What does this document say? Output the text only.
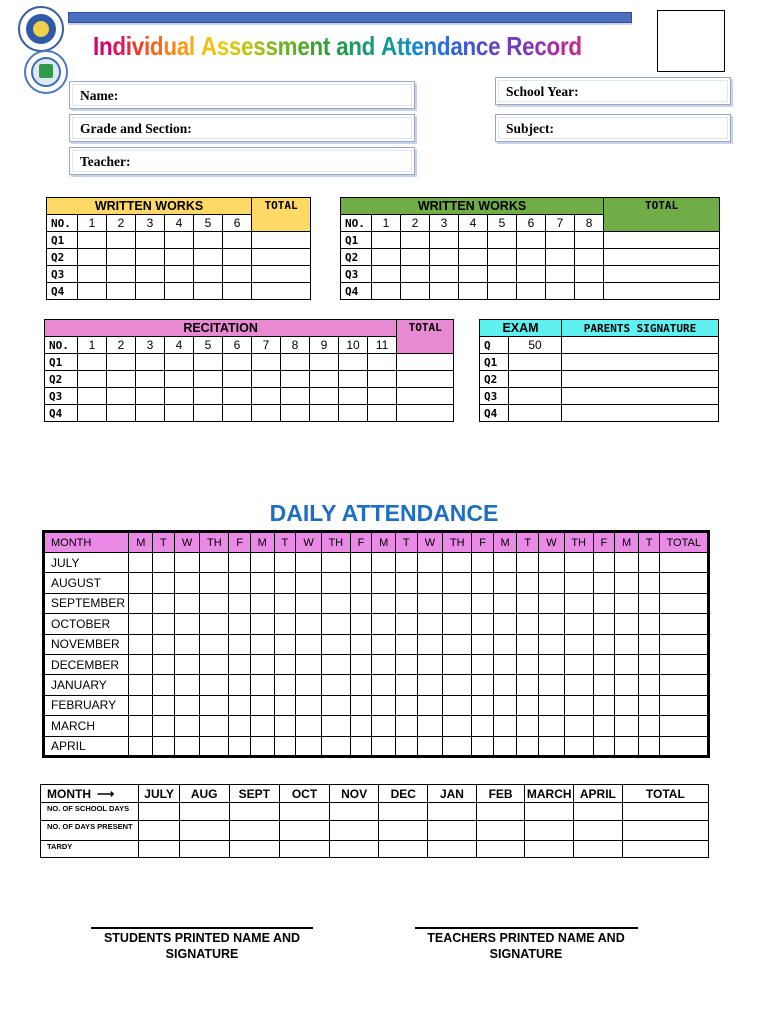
Individual Assessment and Attendance Record
Name:
Grade and Section:
Teacher:
School Year:
Subject:
WRITTEN WORKS							TOTAL
NO.	1	2	3	4	5	6	
Q1							
Q2							
Q3							
Q4							
WRITTEN WORKS									TOTAL
NO.	1	2	3	4	5	6	7	8	
Q1									
Q2									
Q3									
Q4									
RECITATION												TOTAL
NO.	1	2	3	4	5	6	7	8	9	10	11	
Q1												
Q2												
Q3												
Q4												
EXAM		PARENTS SIGNATURE
Q	50	
Q1		
Q2		
Q3		
Q4		
DAILY ATTENDANCE
MONTH	M	T	W	TH	F	M	T	W	TH	F	M	T	W	TH	F	M	T	W	TH	F	M	T	TOTAL
JULY																							
AUGUST																							
SEPTEMBER																							
OCTOBER																							
NOVEMBER																							
DECEMBER																							
JANUARY																							
FEBRUARY																							
MARCH																							
APRIL																							
MONTH ⟶	JULY	AUG	SEPT	OCT	NOV	DEC	JAN	FEB	MARCH	APRIL	TOTAL
NO. OF SCHOOL DAYS											
NO. OF DAYS PRESENT											
TARDY											
STUDENTS PRINTED NAME AND SIGNATURE
TEACHERS PRINTED NAME AND SIGNATURE
